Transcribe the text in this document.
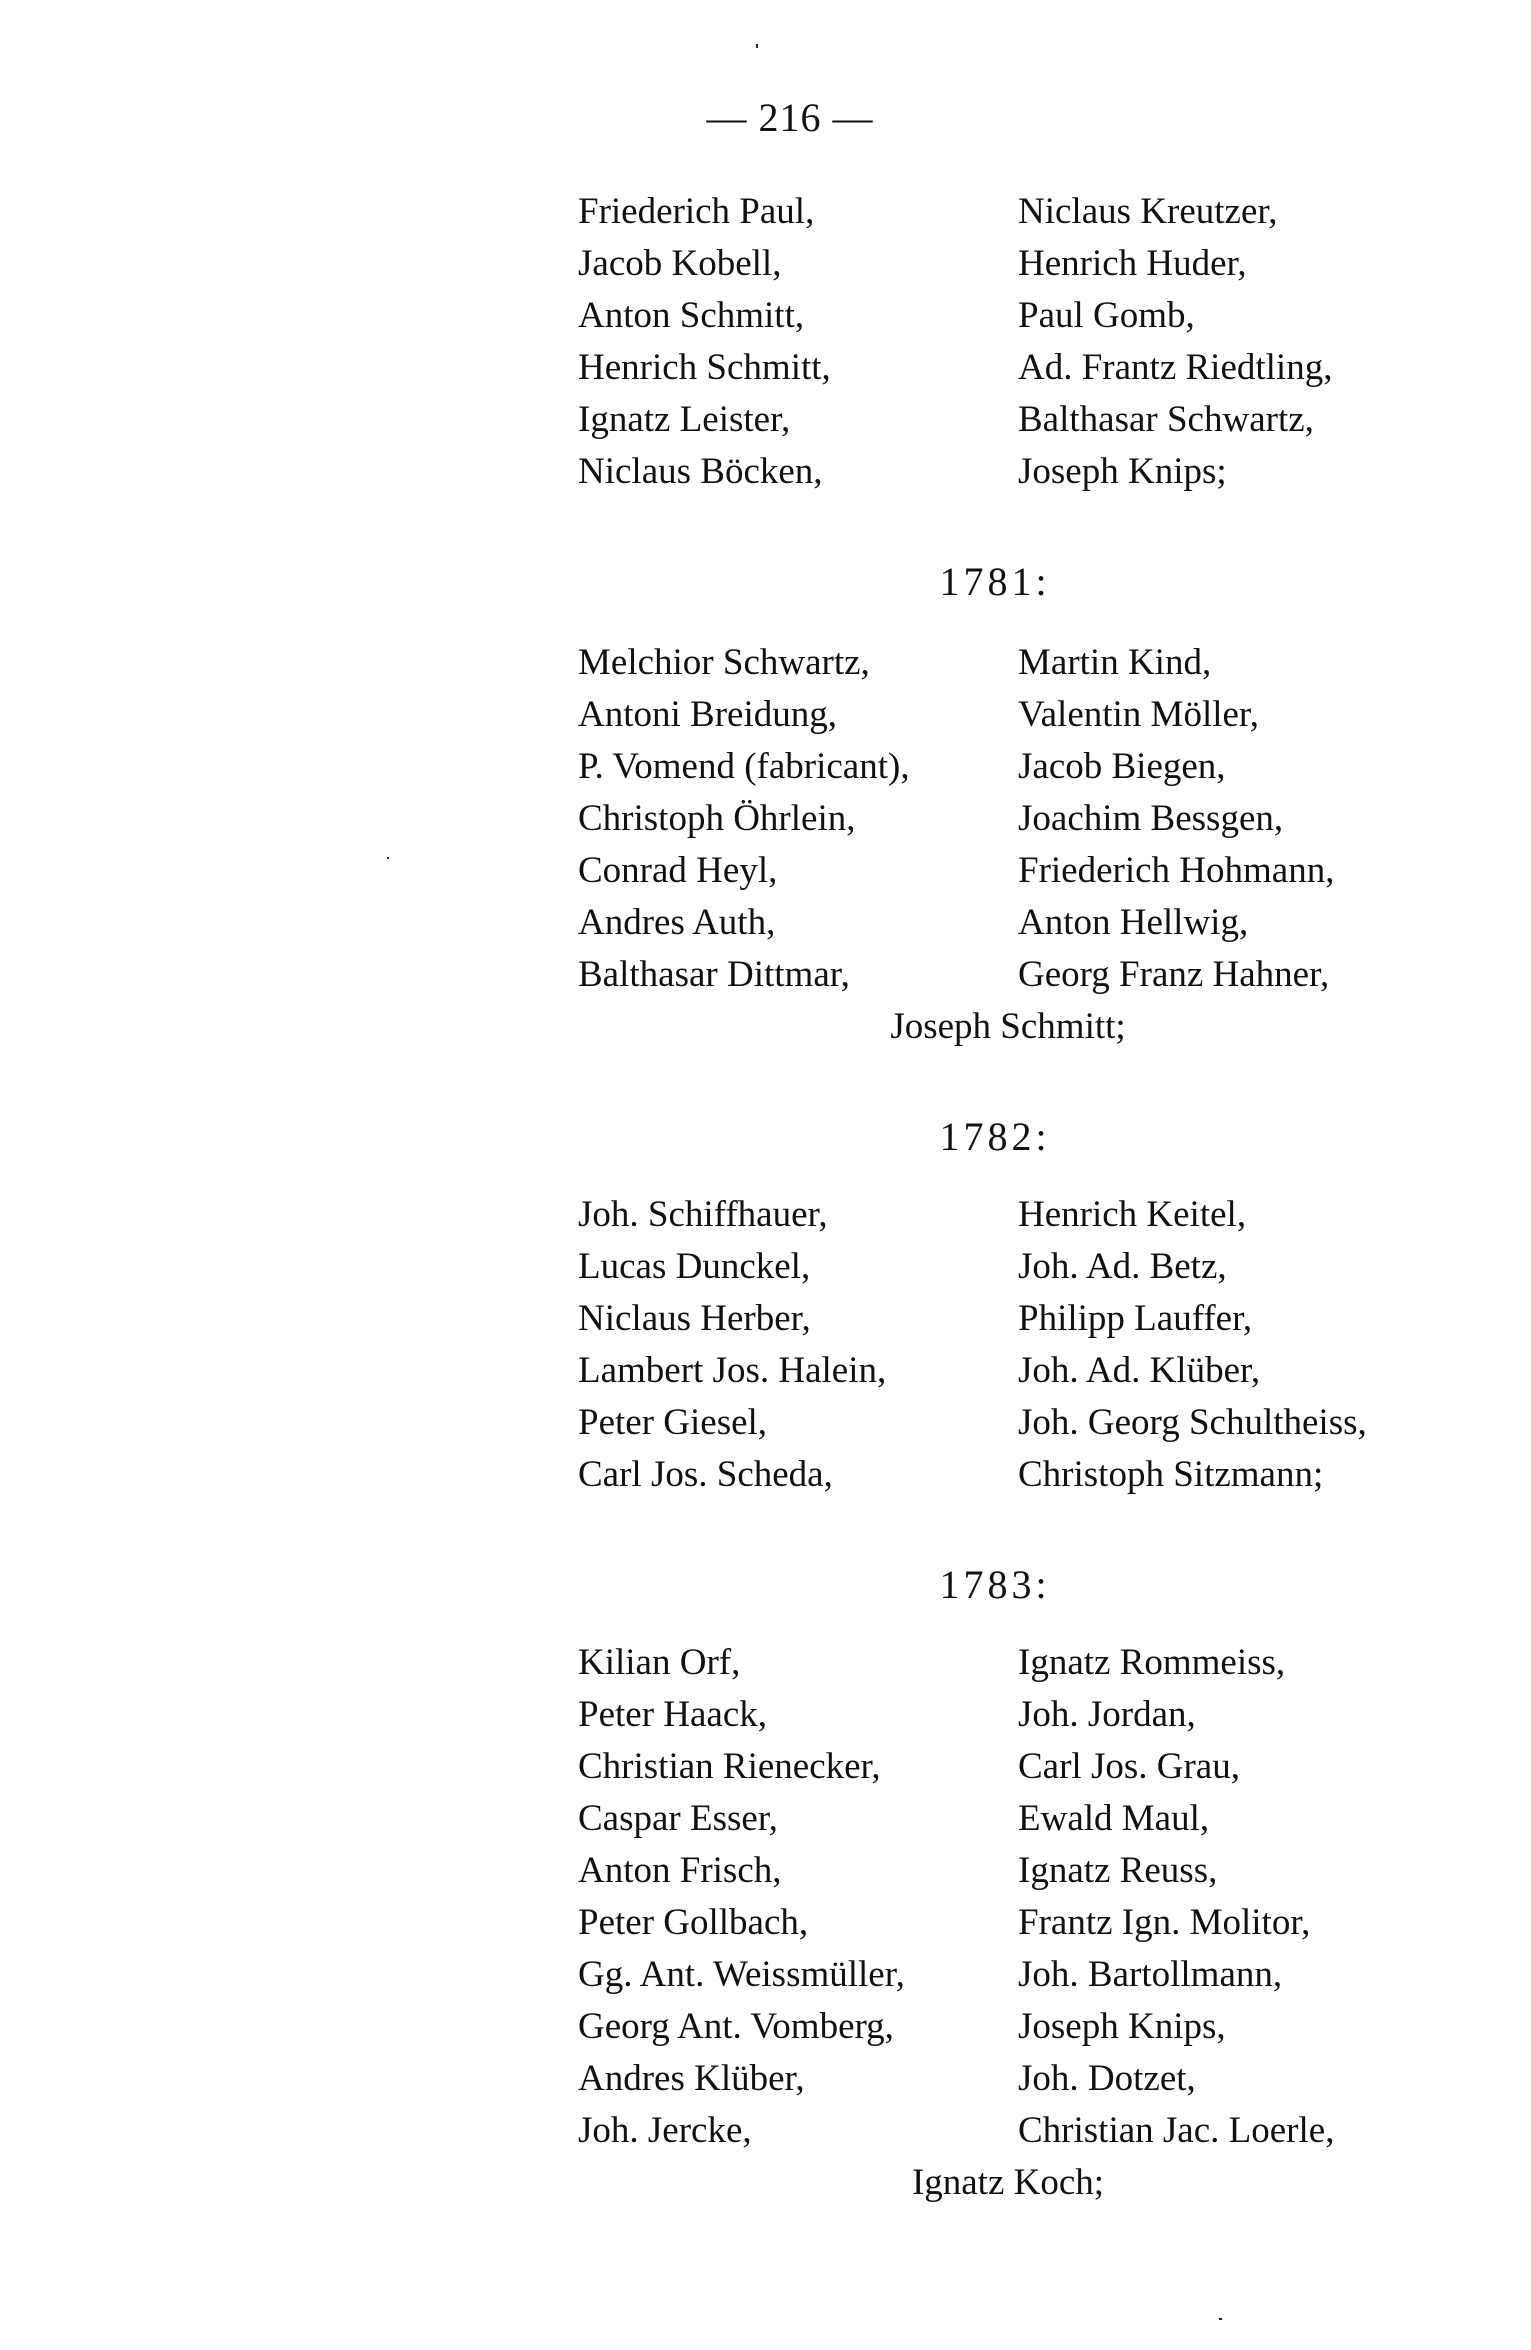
— 216 —
Friederich Paul,	Niclaus Kreutzer,
Jacob Kobell,	Henrich Huder,
Anton Schmitt,	Paul Gomb,
Henrich Schmitt,	Ad. Frantz Riedtling,
Ignatz Leister,	Balthasar Schwartz,
Niclaus Böcken,	Joseph Knips;
1781:
Melchior Schwartz,	Martin Kind,
Antoni Breidung,	Valentin Möller,
P. Vomend (fabricant),	Jacob Biegen,
Christoph Öhrlein,	Joachim Bessgen,
Conrad Heyl,	Friederich Hohmann,
Andres Auth,	Anton Hellwig,
Balthasar Dittmar,	Georg Franz Hahner,
Joseph Schmitt;
1782:
Joh. Schiffhauer,	Henrich Keitel,
Lucas Dunckel,	Joh. Ad. Betz,
Niclaus Herber,	Philipp Lauffer,
Lambert Jos. Halein,	Joh. Ad. Klüber,
Peter Giesel,	Joh. Georg Schultheiss,
Carl Jos. Scheda,	Christoph Sitzmann;
1783:
Kilian Orf,	Ignatz Rommeiss,
Peter Haack,	Joh. Jordan,
Christian Rienecker,	Carl Jos. Grau,
Caspar Esser,	Ewald Maul,
Anton Frisch,	Ignatz Reuss,
Peter Gollbach,	Frantz Ign. Molitor,
Gg. Ant. Weissmüller,	Joh. Bartollmann,
Georg Ant. Vomberg,	Joseph Knips,
Andres Klüber,	Joh. Dotzet,
Joh. Jercke,	Christian Jac. Loerle,
Ignatz Koch;
